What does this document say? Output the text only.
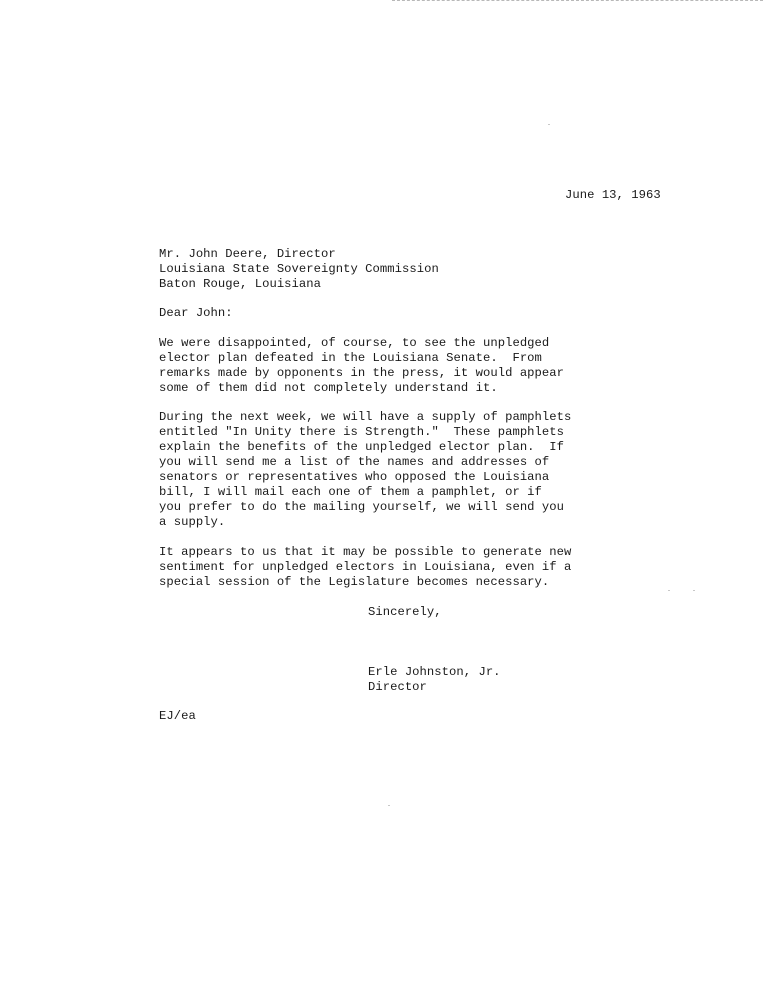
June 13, 1963
Mr. John Deere, Director
Louisiana State Sovereignty Commission
Baton Rouge, Louisiana
Dear John:
We were disappointed, of course, to see the unpledged
elector plan defeated in the Louisiana Senate.  From
remarks made by opponents in the press, it would appear
some of them did not completely understand it.
During the next week, we will have a supply of pamphlets
entitled "In Unity there is Strength."  These pamphlets
explain the benefits of the unpledged elector plan.  If
you will send me a list of the names and addresses of
senators or representatives who opposed the Louisiana
bill, I will mail each one of them a pamphlet, or if
you prefer to do the mailing yourself, we will send you
a supply.
It appears to us that it may be possible to generate new
sentiment for unpledged electors in Louisiana, even if a
special session of the Legislature becomes necessary.
Sincerely,
Erle Johnston, Jr.
Director
EJ/ea
